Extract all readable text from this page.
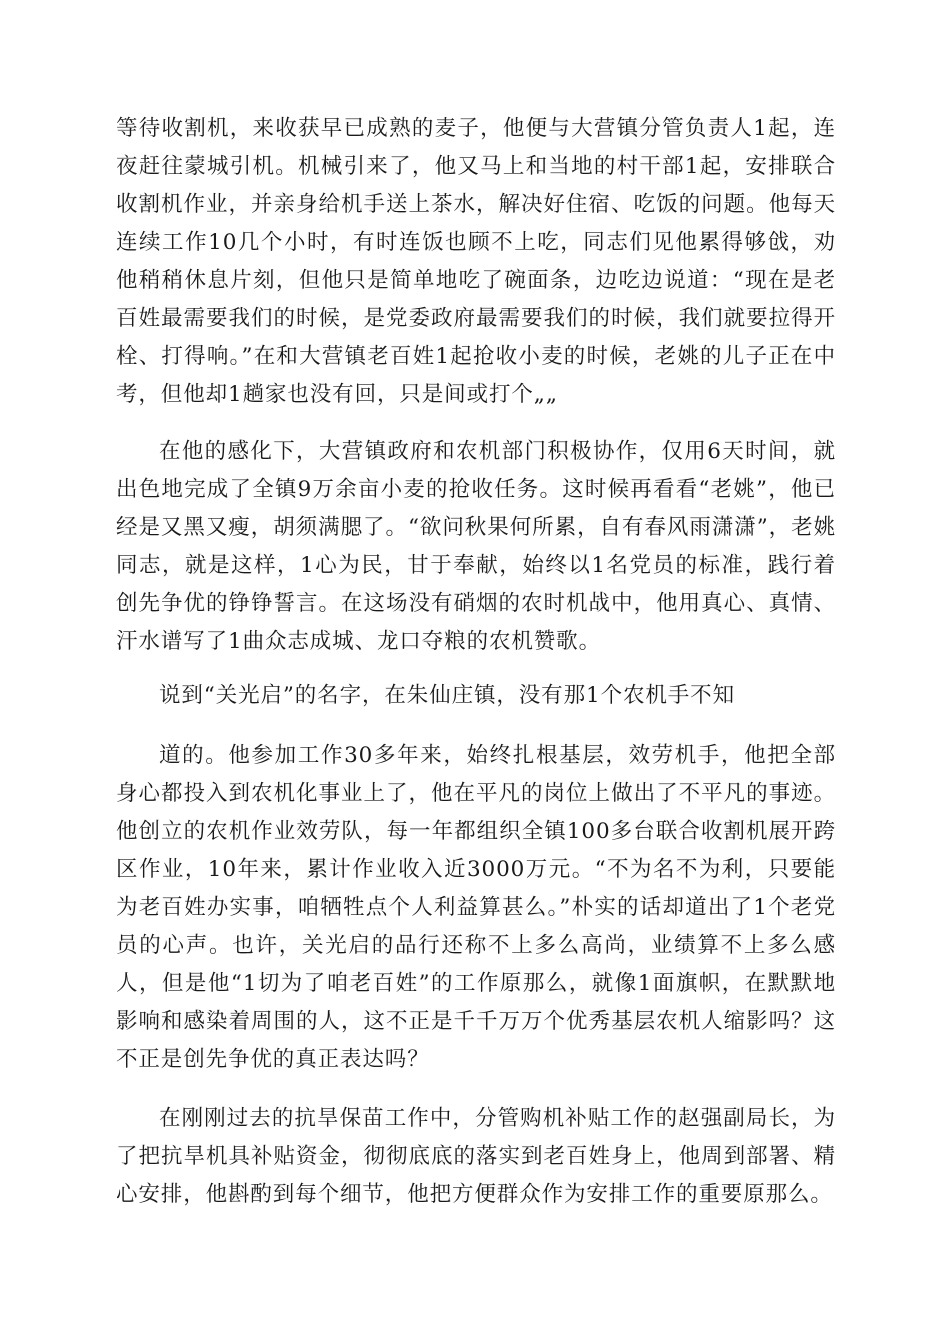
等待收割机，来收获早已成熟的麦子，他便与大营镇分管负责人1起，连夜赶往蒙城引机。机械引来了，他又马上和当地的村干部1起，安排联合收割机作业，并亲身给机手送上茶水，解决好住宿、吃饭的问题。他每天连续工作10几个小时，有时连饭也顾不上吃，同志们见他累得够戗，劝他稍稍休息片刻，但他只是简单地吃了碗面条，边吃边说道：“现在是老百姓最需要我们的时候，是党委政府最需要我们的时候，我们就要拉得开栓、打得响。”在和大营镇老百姓1起抢收小麦的时候，老姚的儿子正在中考，但他却1趟家也没有回，只是间或打个„„

在他的感化下，大营镇政府和农机部门积极协作，仅用6天时间，就出色地完成了全镇9万余亩小麦的抢收任务。这时候再看看“老姚”，他已经是又黑又瘦，胡须满腮了。“欲问秋果何所累，自有春风雨潇潇”，老姚同志，就是这样，1心为民，甘于奉献，始终以1名党员的标准，践行着创先争优的铮铮誓言。在这场没有硝烟的农时机战中，他用真心、真情、汗水谱写了1曲众志成城、龙口夺粮的农机赞歌。

说到“关光启”的名字，在朱仙庄镇，没有那1个农机手不知

道的。他参加工作30多年来，始终扎根基层，效劳机手，他把全部身心都投入到农机化事业上了，他在平凡的岗位上做出了不平凡的事迹。他创立的农机作业效劳队，每一年都组织全镇100多台联合收割机展开跨区作业，10年来，累计作业收入近3000万元。“不为名不为利，只要能为老百姓办实事，咱牺牲点个人利益算甚么。”朴实的话却道出了1个老党员的心声。也许，关光启的品行还称不上多么高尚，业绩算不上多么感人，但是他“1切为了咱老百姓”的工作原那么，就像1面旗帜，在默默地影响和感染着周围的人，这不正是千千万万个优秀基层农机人缩影吗？这不正是创先争优的真正表达吗？

在刚刚过去的抗旱保苗工作中，分管购机补贴工作的赵强副局长，为了把抗旱机具补贴资金，彻彻底底的落实到老百姓身上，他周到部署、精心安排，他斟酌到每个细节，他把方便群众作为安排工作的重要原那么。
